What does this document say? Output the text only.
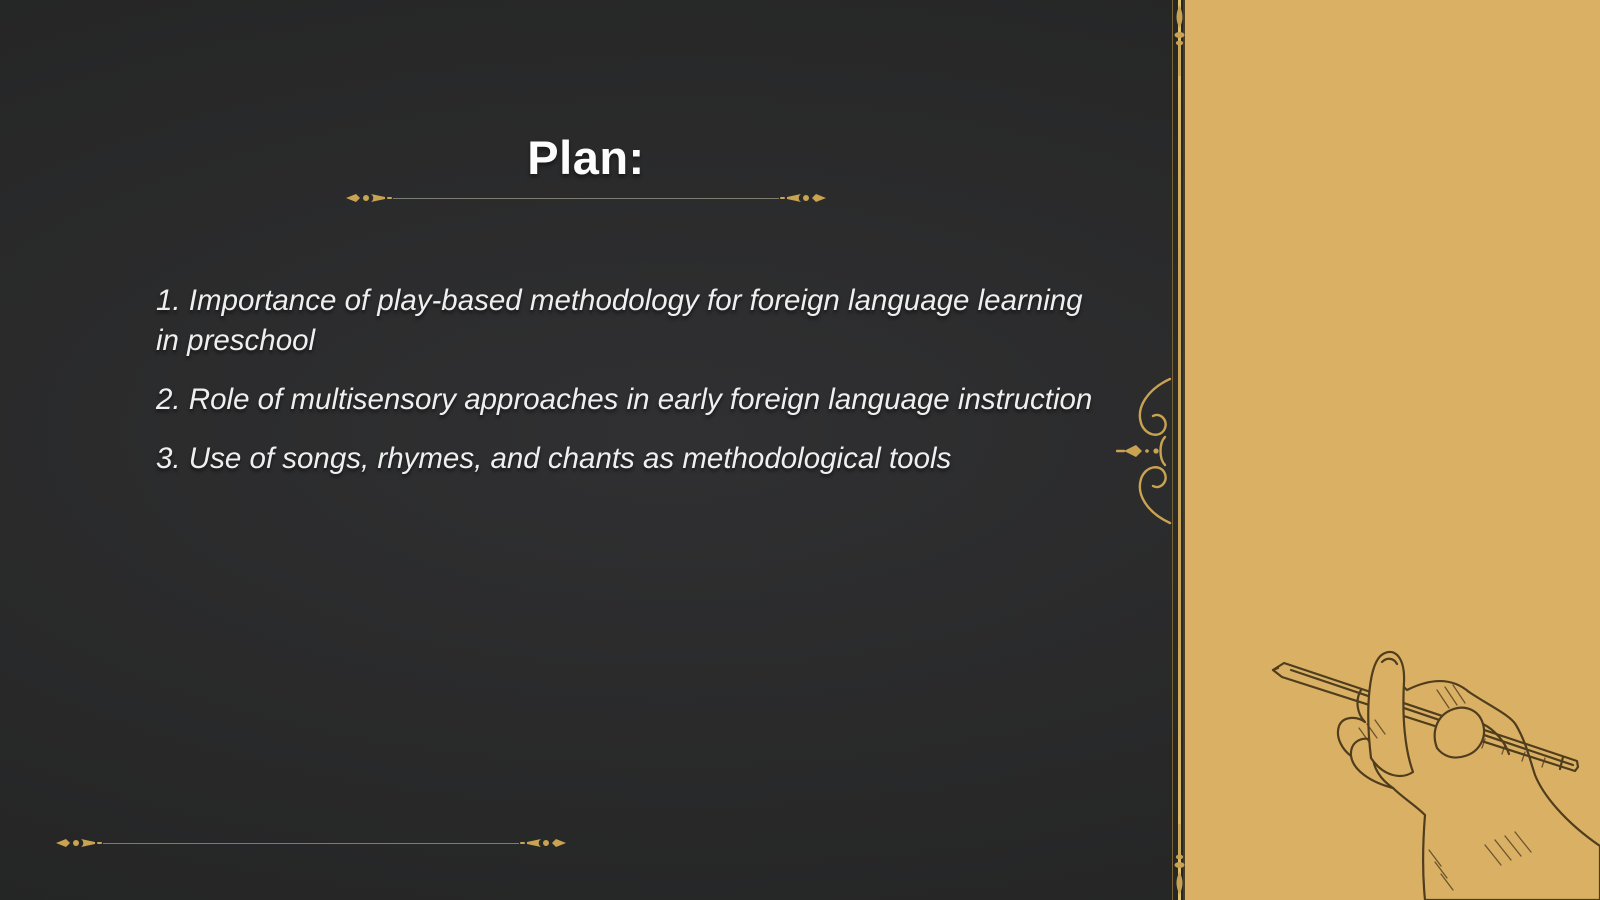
Plan:
1. Importance of play-based methodology for foreign language learning in preschool
2. Role of multisensory approaches in early foreign language instruction
3. Use of songs, rhymes, and chants as methodological tools
